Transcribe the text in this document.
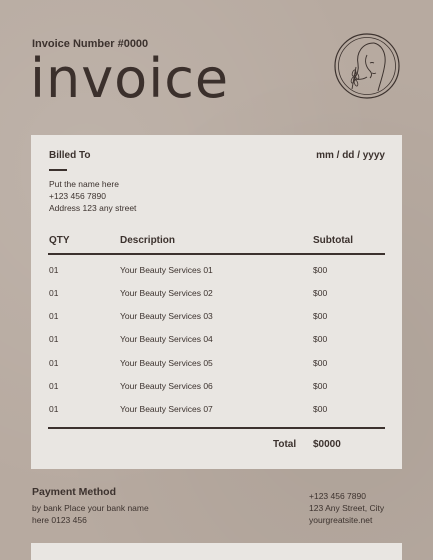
Invoice Number #0000
invoice
Billed To	mm / dd / yyyy
Put the name here
+123 456 7890
Address 123 any street
QTY	Description	Subtotal
01	Your Beauty Services 01	$00
01	Your Beauty Services 02	$00
01	Your Beauty Services 03	$00
01	Your Beauty Services 04	$00
01	Your Beauty Services 05	$00
01	Your Beauty Services 06	$00
01	Your Beauty Services 07	$00
Total $0000
Payment Method
by bank Place your bank name
here 0123 456
+123 456 7890
123 Any Street, City
yourgreatsite.net
